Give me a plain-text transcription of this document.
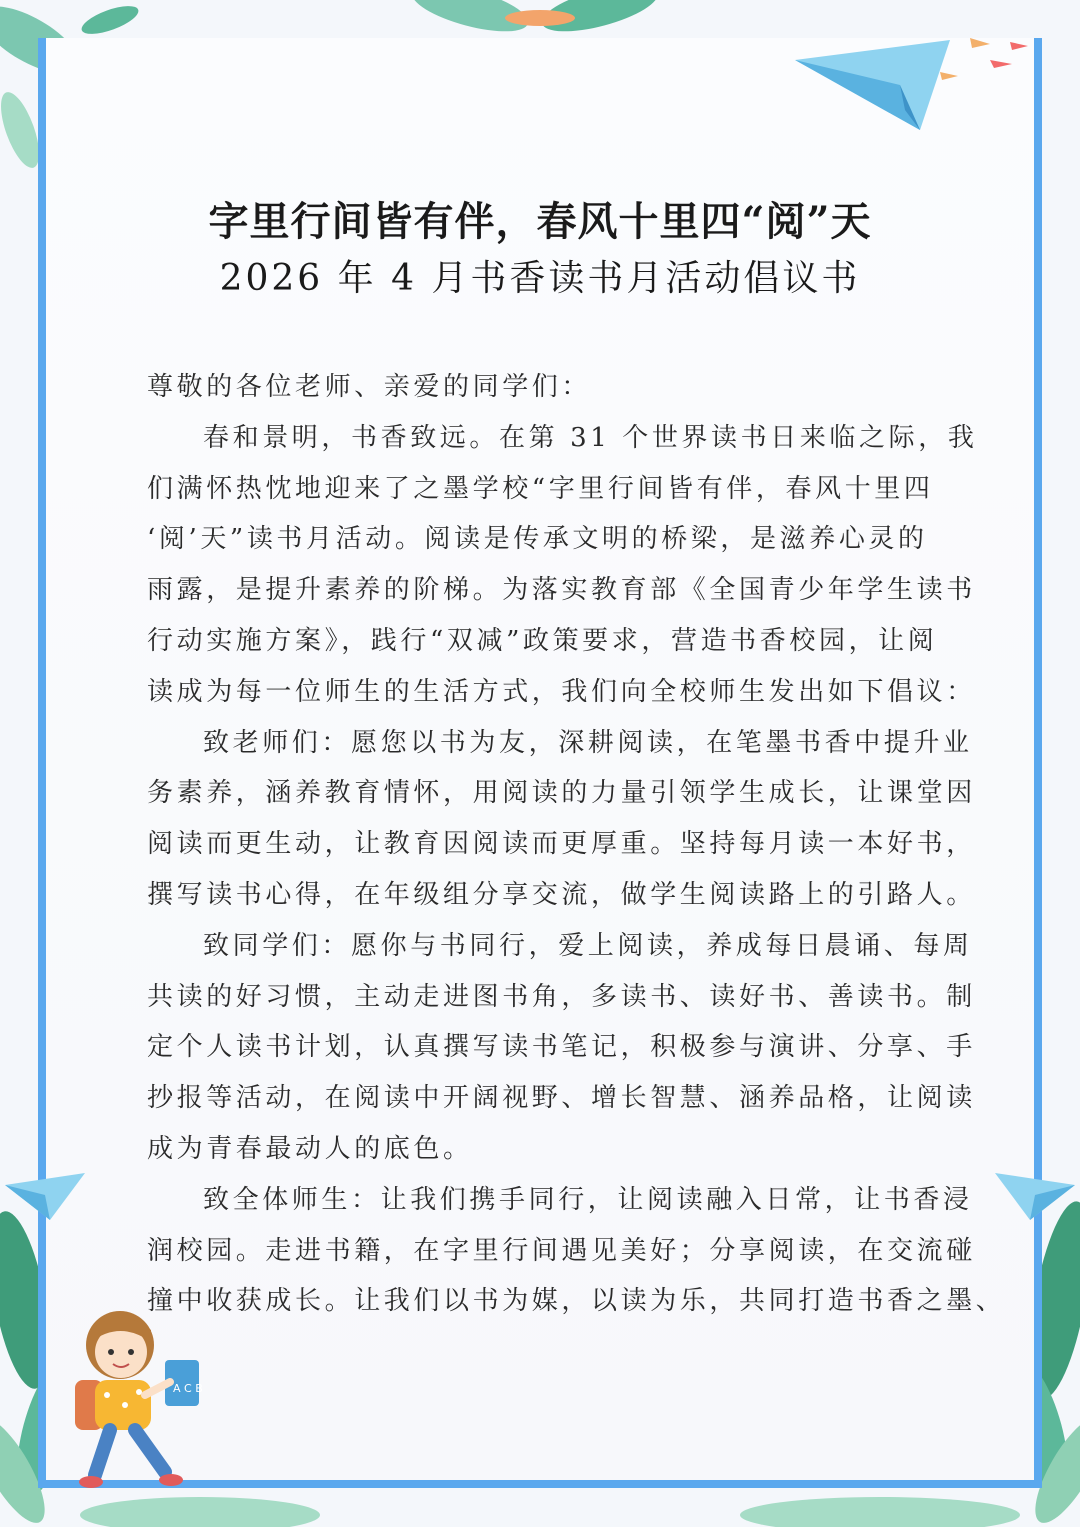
A C B
字里行间皆有伴，春风十里四“阅”天
2026 年 4 月书香读书月活动倡议书
尊敬的各位老师、亲爱的同学们：
春和景明，书香致远。在第 31 个世界读书日来临之际，我
们满怀热忱地迎来了之墨学校“字里行间皆有伴，春风十里四
‘阅’天”读书月活动。阅读是传承文明的桥梁，是滋养心灵的
雨露，是提升素养的阶梯。为落实教育部《全国青少年学生读书
行动实施方案》，践行“双减”政策要求，营造书香校园，让阅
读成为每一位师生的生活方式，我们向全校师生发出如下倡议：
致老师们：愿您以书为友，深耕阅读，在笔墨书香中提升业
务素养，涵养教育情怀，用阅读的力量引领学生成长，让课堂因
阅读而更生动，让教育因阅读而更厚重。坚持每月读一本好书，
撰写读书心得，在年级组分享交流，做学生阅读路上的引路人。
致同学们：愿你与书同行，爱上阅读，养成每日晨诵、每周
共读的好习惯，主动走进图书角，多读书、读好书、善读书。制
定个人读书计划，认真撰写读书笔记，积极参与演讲、分享、手
抄报等活动，在阅读中开阔视野、增长智慧、涵养品格，让阅读
成为青春最动人的底色。
致全体师生：让我们携手同行，让阅读融入日常，让书香浸
润校园。走进书籍，在字里行间遇见美好；分享阅读，在交流碰
撞中收获成长。让我们以书为媒，以读为乐，共同打造书香之墨、
